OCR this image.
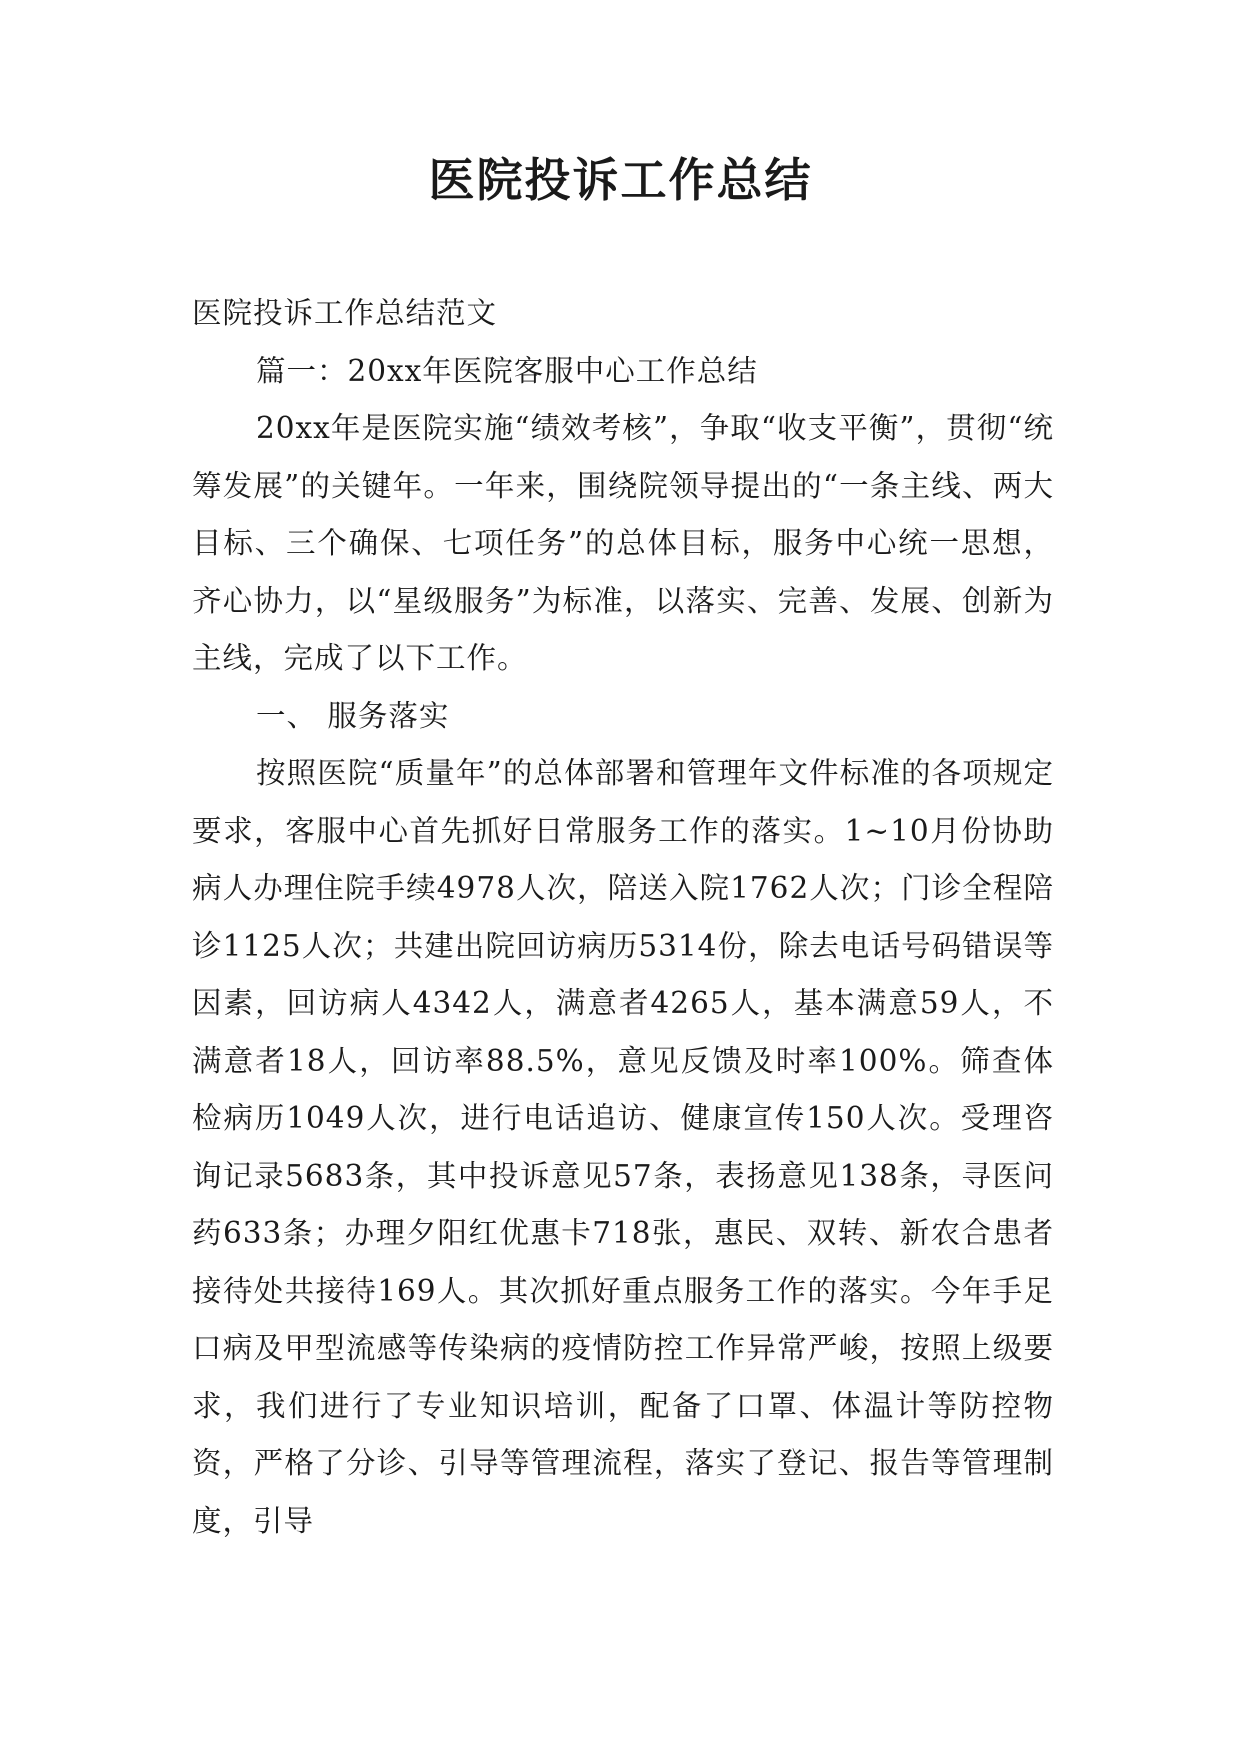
医院投诉工作总结

医院投诉工作总结范文

篇一：20xx年医院客服中心工作总结

20xx年是医院实施“绩效考核”，争取“收支平衡”，贯彻“统筹发展”的关键年。一年来，围绕院领导提出的“一条主线、两大目标、三个确保、七项任务”的总体目标，服务中心统一思想，齐心协力，以“星级服务”为标准，以落实、完善、发展、创新为主线，完成了以下工作。

一、 服务落实

按照医院“质量年”的总体部署和管理年文件标准的各项规定要求，客服中心首先抓好日常服务工作的落实。1~10月份协助病人办理住院手续4978人次，陪送入院1762人次；门诊全程陪诊1125人次；共建出院回访病历5314份，除去电话号码错误等因素，回访病人4342人，满意者4265人，基本满意59人，不满意者18人，回访率88.5%，意见反馈及时率100%。筛查体检病历1049人次，进行电话追访、健康宣传150人次。受理咨询记录5683条，其中投诉意见57条，表扬意见138条，寻医问药633条；办理夕阳红优惠卡718张，惠民、双转、新农合患者接待处共接待169人。其次抓好重点服务工作的落实。今年手足口病及甲型流感等传染病的疫情防控工作异常严峻，按照上级要求，我们进行了专业知识培训，配备了口罩、体温计等防控物资，严格了分诊、引导等管理流程，落实了登记、报告等管理制度，引导
